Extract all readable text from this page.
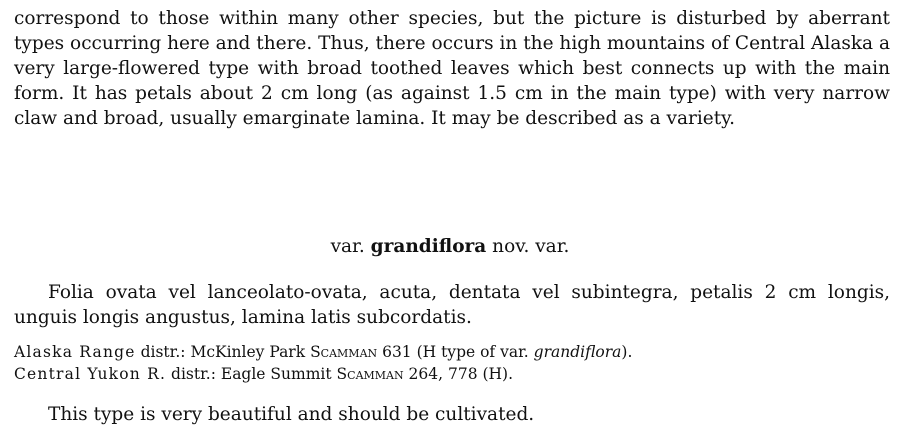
correspond to those within many other species, but the picture is disturbed by aberrant types occurring here and there. Thus, there occurs in the high mountains of Central Alaska a very large-flowered type with broad toothed leaves which best connects up with the main form. It has petals about 2 cm long (as against 1.5 cm in the main type) with very narrow claw and broad, usually emarginate lamina. It may be described as a variety.

var. grandiflora nov. var.

Folia ovata vel lanceolato-ovata, acuta, dentata vel subintegra, petalis 2 cm longis, unguis longis angustus, lamina latis subcordatis.

Alaska Range distr.: McKinley Park Scamman 631 (H type of var. grandiflora).
Central Yukon R. distr.: Eagle Summit Scamman 264, 778 (H).

This type is very beautiful and should be cultivated.
